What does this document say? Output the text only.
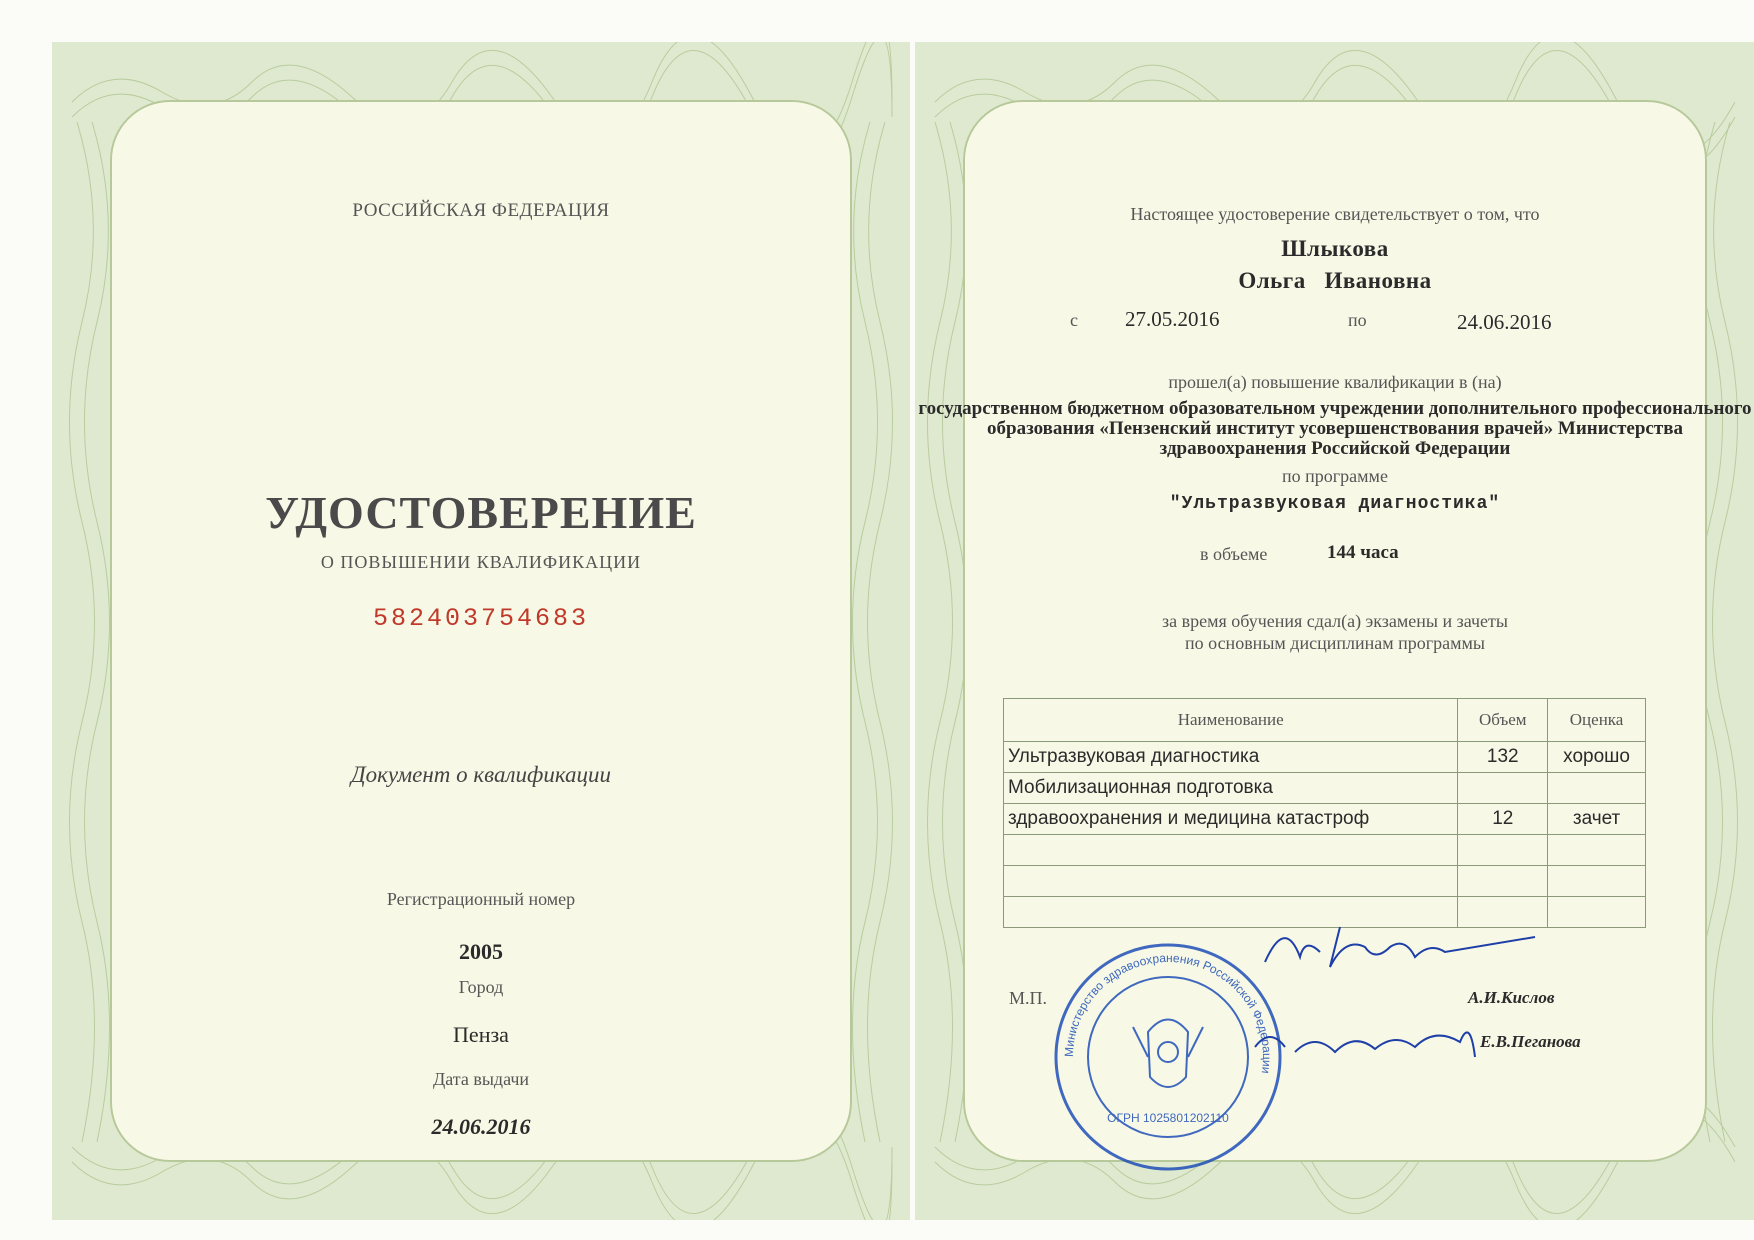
РОССИЙСКАЯ ФЕДЕРАЦИЯ
УДОСТОВЕРЕНИЕ
О ПОВЫШЕНИИ КВАЛИФИКАЦИИ
582403754683
Документ о квалификации
Регистрационный номер
2005
Город
Пенза
Дата выдачи
24.06.2016
Настоящее удостоверение свидетельствует о том, что
Шлыкова
Ольга   Ивановна
с 27.05.2016	по	24.06.2016
прошел(а) повышение квалификации в (на)
государственном бюджетном образовательном учреждении дополнительного профессионального образования «Пензенский институт усовершенствования врачей» Министерства здравоохранения Российской Федерации
по программе
"Ультразвуковая диагностика"
в объеме	144 часа
за время обучения сдал(а) экзамены и зачеты
по основным дисциплинам программы
Наименование	Объем	Оценка
Ультразвуковая диагностика	132	хорошо
Мобилизационная подготовка		
здравоохранения и медицина катастроф	12	зачет

М.П.
Министерство здравоохранения Российской Федерации
ОГРН 1025801202110
А.И.Кислов
Е.В.Пеганова
